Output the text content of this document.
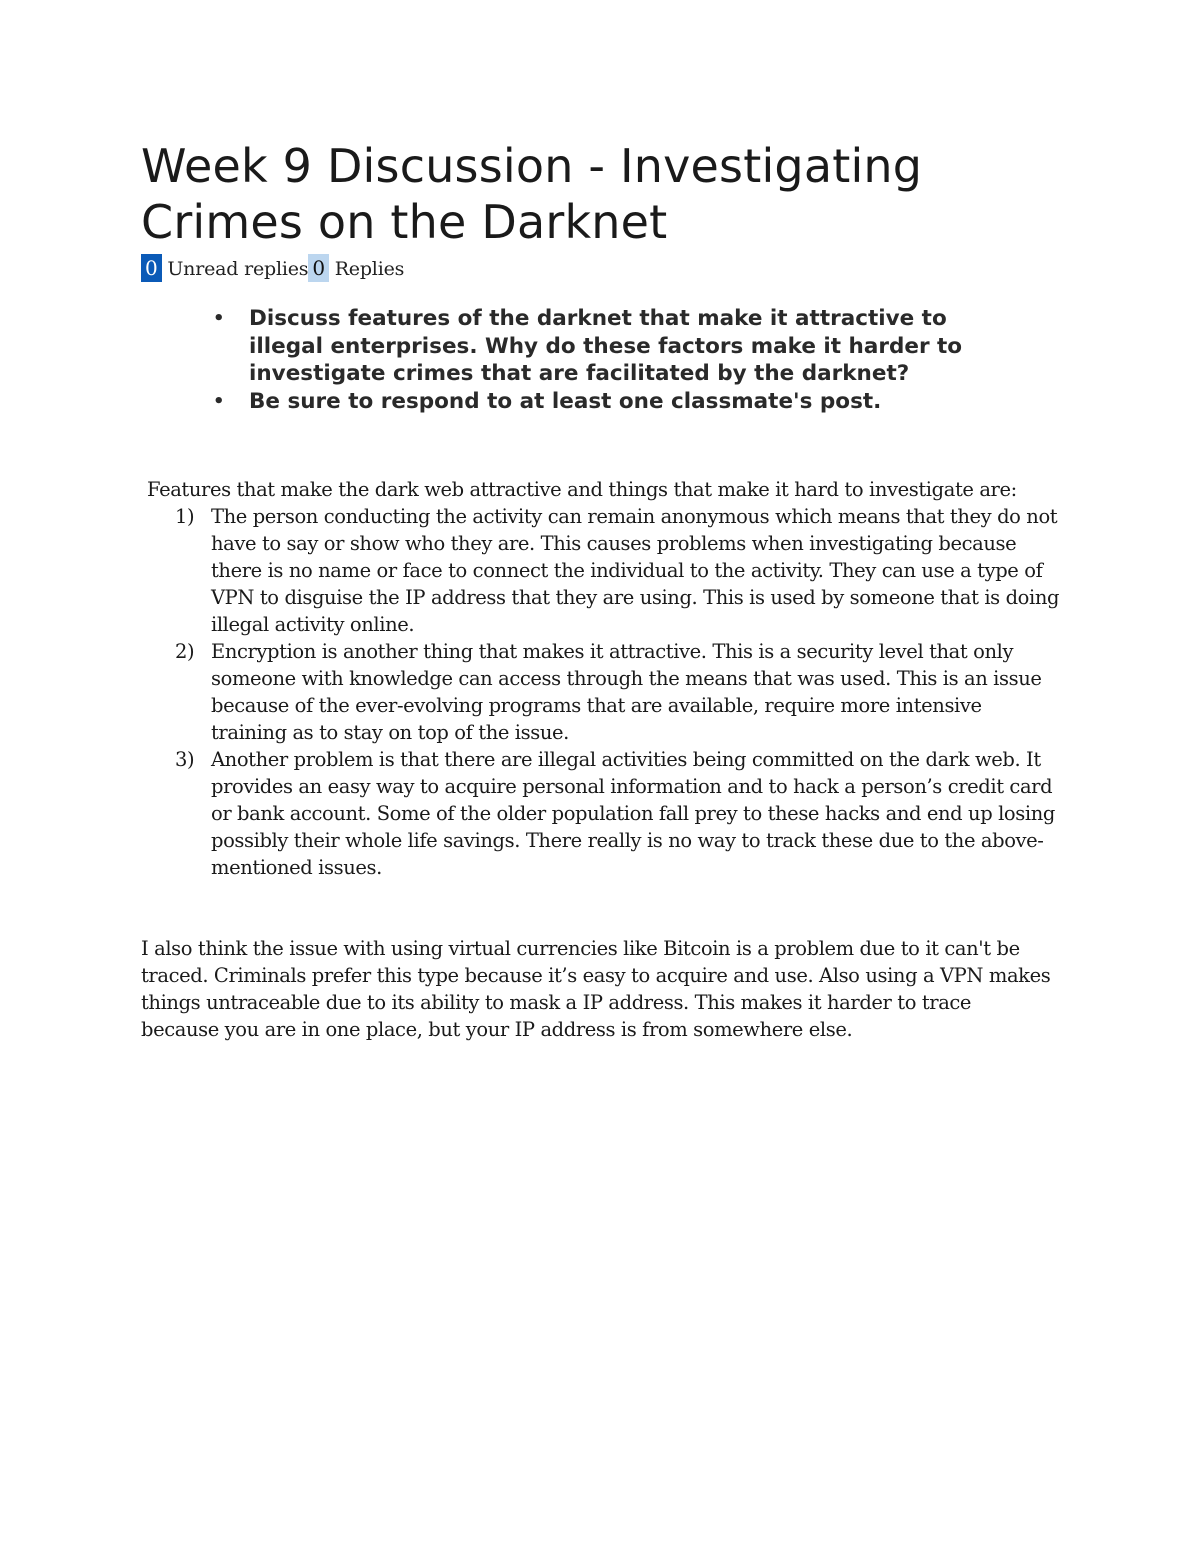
Week 9 Discussion - Investigating Crimes on the Darknet
0 Unread replies 0 Replies
• Discuss features of the darknet that make it attractive to illegal enterprises. Why do these factors make it harder to investigate crimes that are facilitated by the darknet?
• Be sure to respond to at least one classmate's post.

Features that make the dark web attractive and things that make it hard to investigate are:

1) The person conducting the activity can remain anonymous which means that they do not have to say or show who they are. This causes problems when investigating because there is no name or face to connect the individual to the activity. They can use a type of VPN to disguise the IP address that they are using. This is used by someone that is doing illegal activity online.
2) Encryption is another thing that makes it attractive. This is a security level that only someone with knowledge can access through the means that was used. This is an issue because of the ever-evolving programs that are available, require more intensive training as to stay on top of the issue.
3) Another problem is that there are illegal activities being committed on the dark web. It provides an easy way to acquire personal information and to hack a person’s credit card or bank account. Some of the older population fall prey to these hacks and end up losing possibly their whole life savings. There really is no way to track these due to the above-mentioned issues.

I also think the issue with using virtual currencies like Bitcoin is a problem due to it can't be traced. Criminals prefer this type because it’s easy to acquire and use. Also using a VPN makes things untraceable due to its ability to mask a IP address. This makes it harder to trace because you are in one place, but your IP address is from somewhere else.
